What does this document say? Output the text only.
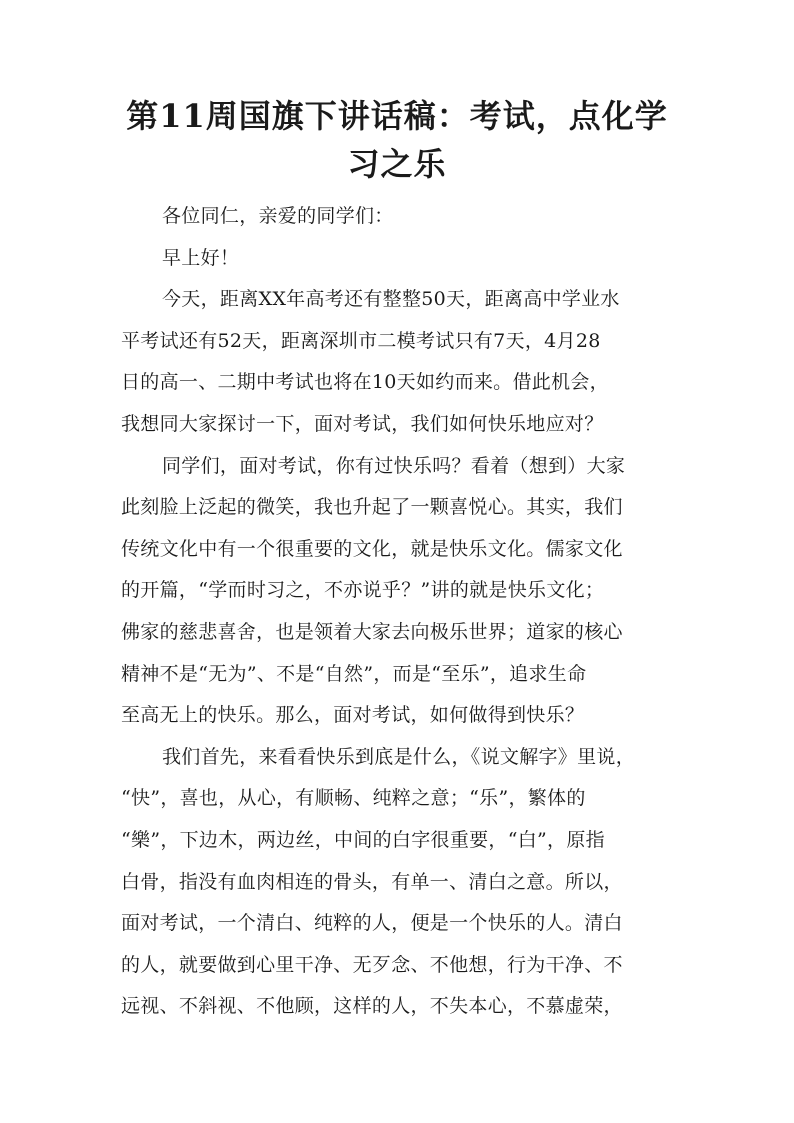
第11周国旗下讲话稿：考试，点化学习之乐
各位同仁，亲爱的同学们：
早上好！
今天，距离XX年高考还有整整50天，距离高中学业水
平考试还有52天，距离深圳市二模考试只有7天，4月28
日的高一、二期中考试也将在10天如约而来。借此机会，
我想同大家探讨一下，面对考试，我们如何快乐地应对？
同学们，面对考试，你有过快乐吗？看着（想到）大家
此刻脸上泛起的微笑，我也升起了一颗喜悦心。其实，我们
传统文化中有一个很重要的文化，就是快乐文化。儒家文化
的开篇，“学而时习之，不亦说乎？”讲的就是快乐文化；
佛家的慈悲喜舍，也是领着大家去向极乐世界；道家的核心
精神不是“无为”、不是“自然”，而是“至乐”，追求生命
至高无上的快乐。那么，面对考试，如何做得到快乐？
我们首先，来看看快乐到底是什么，《说文解字》里说，
“快”，喜也，从心，有顺畅、纯粹之意；“乐”，繁体的
“樂”，下边木，两边丝，中间的白字很重要，“白”，原指
白骨，指没有血肉相连的骨头，有单一、清白之意。所以，
面对考试，一个清白、纯粹的人，便是一个快乐的人。清白
的人，就要做到心里干净、无歹念、不他想，行为干净、不
远视、不斜视、不他顾，这样的人，不失本心，不慕虚荣，
